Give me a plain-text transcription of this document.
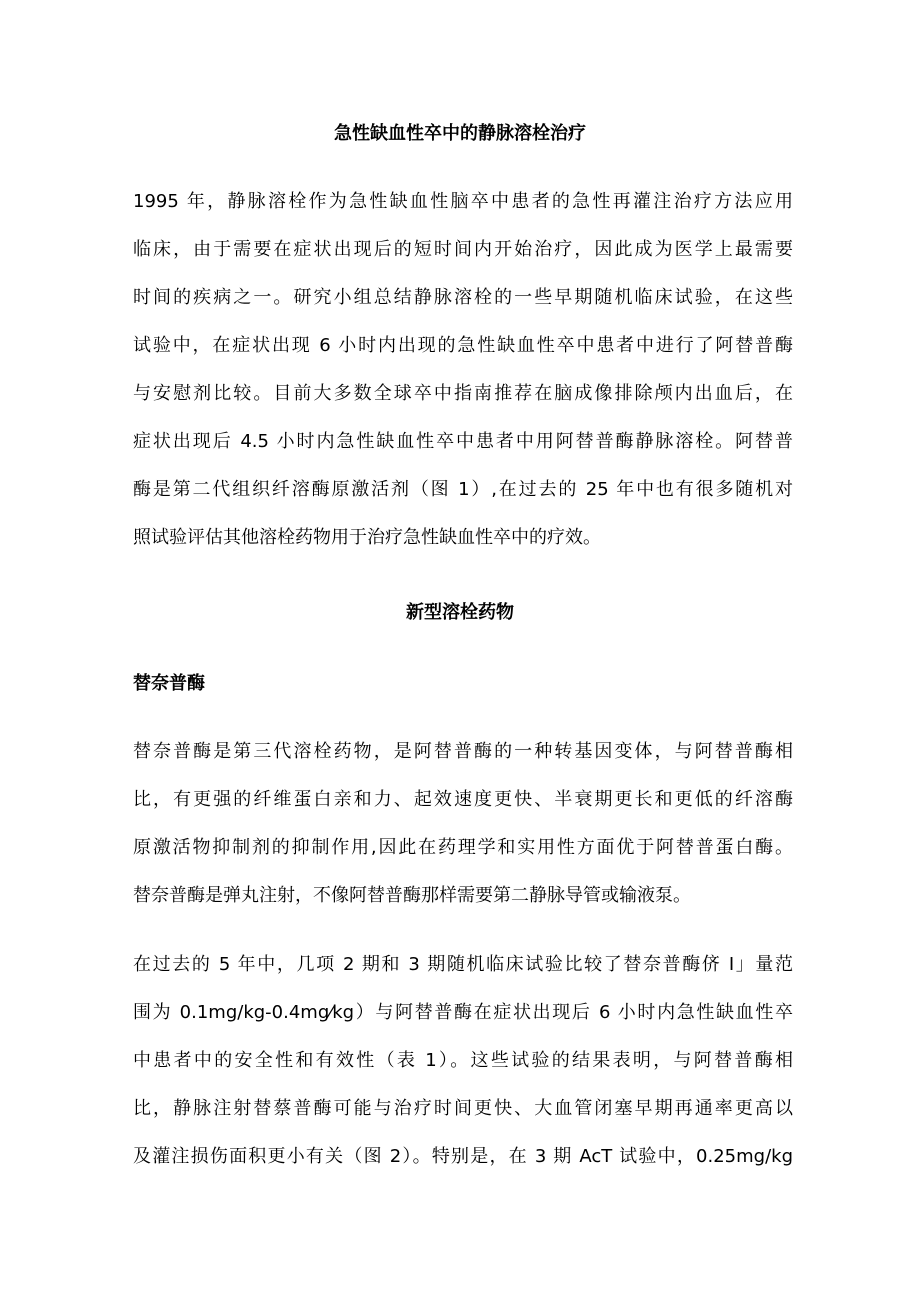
急性缺血性卒中的静脉溶栓治疗
1995 年，静脉溶栓作为急性缺血性脑卒中患者的急性再灌注治疗方法应用
临床，由于需要在症状出现后的短时间内开始治疗，因此成为医学上最需要
时间的疾病之一。研究小组总结静脉溶栓的一些早期随机临床试验，在这些
试验中，在症状出现 6 小时内出现的急性缺血性卒中患者中进行了阿替普酶
与安慰剂比较。目前大多数全球卒中指南推荐在脑成像排除颅内出血后，在
症状出现后 4.5 小时内急性缺血性卒中患者中用阿替普酶静脉溶栓。阿替普
酶是第二代组织纤溶酶原激活剂（图 1）,在过去的 25 年中也有很多随机对
照试验评估其他溶栓药物用于治疗急性缺血性卒中的疗效。
新型溶栓药物
替奈普酶
替奈普酶是第三代溶栓药物，是阿替普酶的一种转基因变体，与阿替普酶相
比，有更强的纤维蛋白亲和力、起效速度更快、半衰期更长和更低的纤溶酶
原激活物抑制剂的抑制作用,因此在药理学和实用性方面优于阿替普蛋白酶。
替奈普酶是弹丸注射，不像阿替普酶那样需要第二静脉导管或输液泵。
在过去的 5 年中，几项 2 期和 3 期随机临床试验比较了替奈普酶侪 I」量范
围为 0.1mg/kg-0.4mg⁄kg）与阿替普酶在症状出现后 6 小时内急性缺血性卒
中患者中的安全性和有效性（表 1）。这些试验的结果表明，与阿替普酶相
比，静脉注射替蔡普酶可能与治疗时间更快、大血管闭塞早期再通率更高以
及灌注损伤面积更小有关（图 2）。特别是，在 3 期 AcT 试验中，0.25mg/kg
